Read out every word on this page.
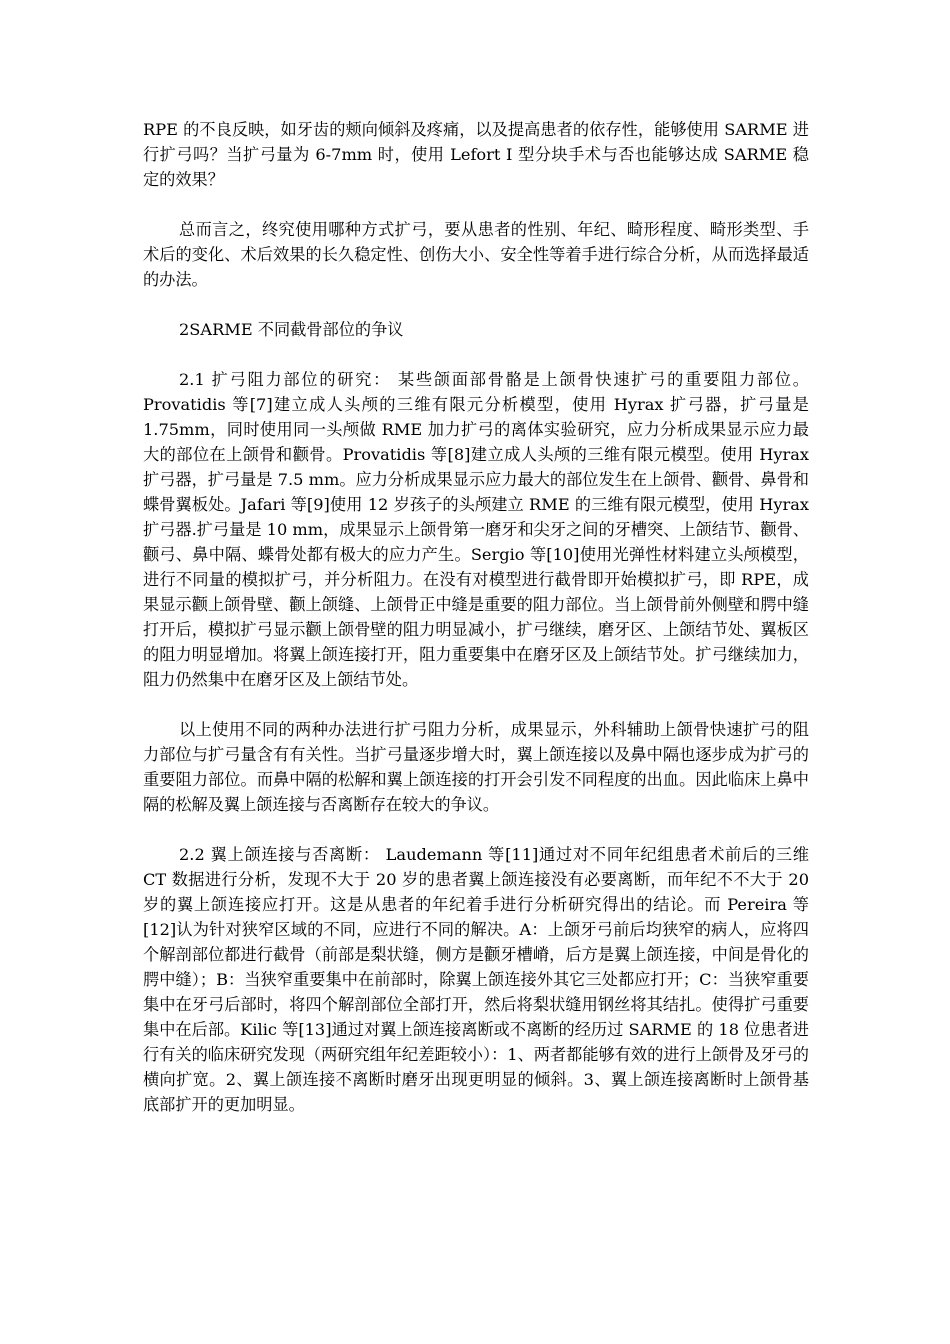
RPE 的不良反映，如牙齿的颊向倾斜及疼痛，以及提高患者的依存性，能够使用 SARME 进行扩弓吗？当扩弓量为 6-7mm 时，使用 Lefort I 型分块手术与否也能够达成 SARME 稳定的效果？

总而言之，终究使用哪种方式扩弓，要从患者的性别、年纪、畸形程度、畸形类型、手术后的变化、术后效果的长久稳定性、创伤大小、安全性等着手进行综合分析，从而选择最适的办法。

2SARME 不同截骨部位的争议

2.1 扩弓阻力部位的研究： 某些颌面部骨骼是上颌骨快速扩弓的重要阻力部位。Provatidis 等[7]建立成人头颅的三维有限元分析模型，使用 Hyrax 扩弓器，扩弓量是 1.75mm，同时使用同一头颅做 RME 加力扩弓的离体实验研究，应力分析成果显示应力最大的部位在上颌骨和颧骨。Provatidis 等[8]建立成人头颅的三维有限元模型。使用 Hyrax 扩弓器，扩弓量是 7.5 mm。应力分析成果显示应力最大的部位发生在上颌骨、颧骨、鼻骨和蝶骨翼板处。Jafari 等[9]使用 12 岁孩子的头颅建立 RME 的三维有限元模型，使用 Hyrax 扩弓器.扩弓量是 10 mm，成果显示上颌骨第一磨牙和尖牙之间的牙槽突、上颌结节、颧骨、颧弓、鼻中隔、蝶骨处都有极大的应力产生。Sergio 等[10]使用光弹性材料建立头颅模型，进行不同量的模拟扩弓，并分析阻力。在没有对模型进行截骨即开始模拟扩弓，即 RPE，成果显示颧上颌骨壁、颧上颌缝、上颌骨正中缝是重要的阻力部位。当上颌骨前外侧壁和腭中缝打开后，模拟扩弓显示颧上颌骨壁的阻力明显减小，扩弓继续，磨牙区、上颌结节处、翼板区的阻力明显增加。将翼上颌连接打开，阻力重要集中在磨牙区及上颌结节处。扩弓继续加力，阻力仍然集中在磨牙区及上颌结节处。

以上使用不同的两种办法进行扩弓阻力分析，成果显示，外科辅助上颌骨快速扩弓的阻力部位与扩弓量含有有关性。当扩弓量逐步增大时，翼上颌连接以及鼻中隔也逐步成为扩弓的重要阻力部位。而鼻中隔的松解和翼上颌连接的打开会引发不同程度的出血。因此临床上鼻中隔的松解及翼上颌连接与否离断存在较大的争议。

2.2 翼上颌连接与否离断： Laudemann 等[11]通过对不同年纪组患者术前后的三维 CT 数据进行分析，发现不大于 20 岁的患者翼上颌连接没有必要离断，而年纪不不大于 20 岁的翼上颌连接应打开。这是从患者的年纪着手进行分析研究得出的结论。而 Pereira 等[12]认为针对狭窄区域的不同，应进行不同的解决。A：上颌牙弓前后均狭窄的病人，应将四个解剖部位都进行截骨（前部是梨状缝，侧方是颧牙槽嵴，后方是翼上颌连接，中间是骨化的腭中缝）；B：当狭窄重要集中在前部时，除翼上颌连接外其它三处都应打开；C：当狭窄重要集中在牙弓后部时，将四个解剖部位全部打开，然后将梨状缝用钢丝将其结扎。使得扩弓重要集中在后部。Kilic 等[13]通过对翼上颌连接离断或不离断的经历过 SARME 的 18 位患者进行有关的临床研究发现（两研究组年纪差距较小）：1、两者都能够有效的进行上颌骨及牙弓的横向扩宽。2、翼上颌连接不离断时磨牙出现更明显的倾斜。3、翼上颌连接离断时上颌骨基底部扩开的更加明显。
